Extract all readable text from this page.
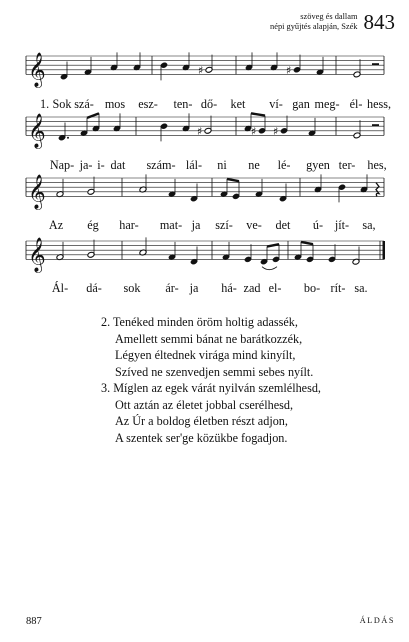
szöveg és dallam
népi gyűjtés alapján, Szék 843
𝄞	♯	♯
1. Sok szá- mos esz- ten- dő- ket ví- gan meg- él- hess,
𝄞	♯	♯ ♯
Nap- ja- i- dat szám- lál- ni ne lé- gyen ter- hes,
𝄞
Az ég har- mat- ja szí- ve- det ú- jít- sa,
𝄞
Ál- dá- sok ár- ja há- zad el- bo- rít- sa.
2. Tenéked minden öröm holtig adassék,
Amellett semmi bánat ne barátkozzék,
Légyen éltednek virága mind kinyílt,
Szíved ne szenvedjen semmi sebes nyílt.
3. Míglen az egek várát nyilván szemlélhesd,
Ott aztán az életet jobbal cserélhesd,
Az Úr a boldog életben részt adjon,
A szentek ser'ge közükbe fogadjon.
887	ÁLDÁS
